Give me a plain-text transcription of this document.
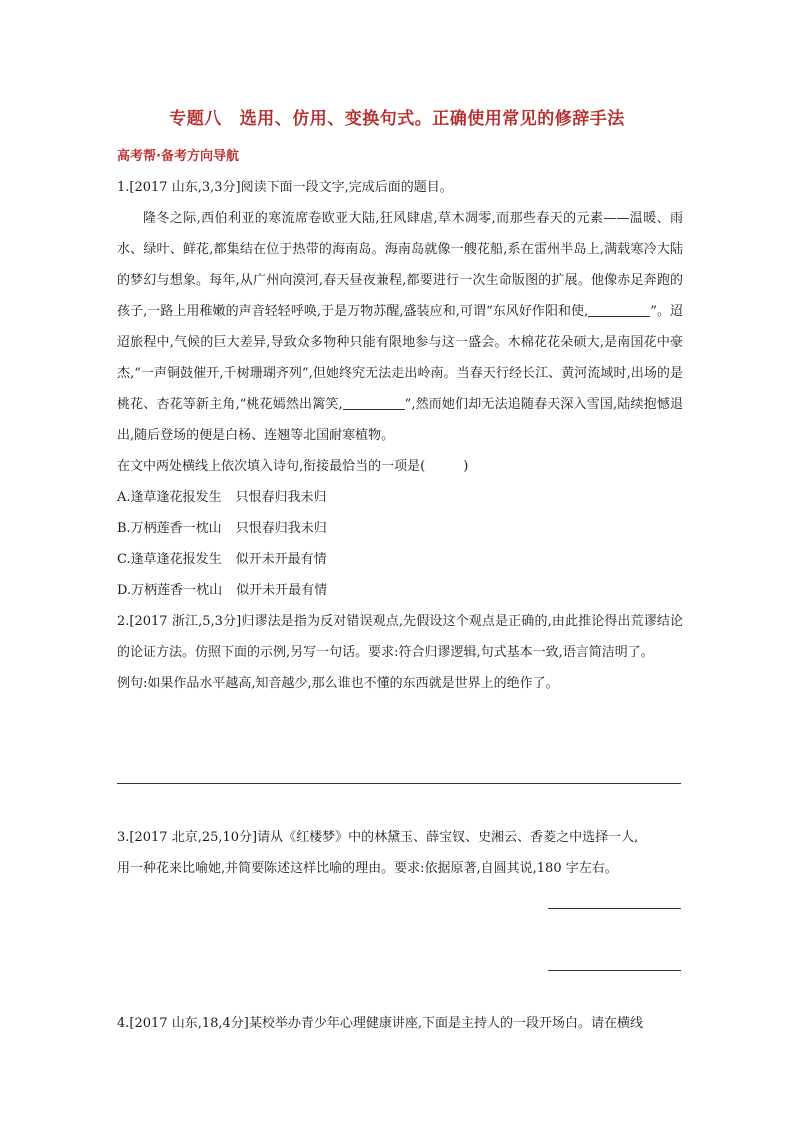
专题八 选用、仿用、变换句式。正确使用常见的修辞手法
高考帮·备考方向导航
1.[2017 山东,3,3分]阅读下面一段文字,完成后面的题目。
隆冬之际,西伯利亚的寒流席卷欧亚大陆,狂风肆虐,草木凋零,而那些春天的元素——温暖、雨水、绿叶、鲜花,都集结在位于热带的海南岛。海南岛就像一艘花船,系在雷州半岛上,满载寒冷大陆的梦幻与想象。每年,从广州向漠河,春天昼夜兼程,都要进行一次生命版图的扩展。他像赤足奔跑的孩子,一路上用稚嫩的声音轻轻呼唤,于是万物苏醒,盛装应和,可谓“东风好作阳和使,	”。迢迢旅程中,气候的巨大差异,导致众多物种只能有限地参与这一盛会。木棉花花朵硕大,是南国花中豪杰,“一声铜鼓催开,千树珊瑚齐列”,但她终究无法走出岭南。当春天行经长江、黄河流域时,出场的是桃花、杏花等新主角,“桃花嫣然出篱笑,	”,然而她们却无法追随春天深入雪国,陆续抱憾退出,随后登场的便是白杨、连翘等北国耐寒植物。
在文中两处横线上依次填入诗句,衔接最恰当的一项是(	)
A.逢草逢花报发生 只恨春归我未归
B.万柄莲香一枕山 只恨春归我未归
C.逢草逢花报发生 似开未开最有情
D.万柄莲香一枕山 似开未开最有情
2.[2017 浙江,5,3分]归谬法是指为反对错误观点,先假设这个观点是正确的,由此推论得出荒谬结论的论证方法。仿照下面的示例,另写一句话。要求:符合归谬逻辑,句式基本一致,语言简洁明了。
例句:如果作品水平越高,知音越少,那么谁也不懂的东西就是世界上的绝作了。
3.[2017 北京,25,10分]请从《红楼梦》中的林黛玉、薛宝钗、史湘云、香菱之中选择一人,
用一种花来比喻她,并简要陈述这样比喻的理由。要求:依据原著,自圆其说,180 字左右。
4.[2017 山东,18,4分]某校举办青少年心理健康讲座,下面是主持人的一段开场白。请在横线
